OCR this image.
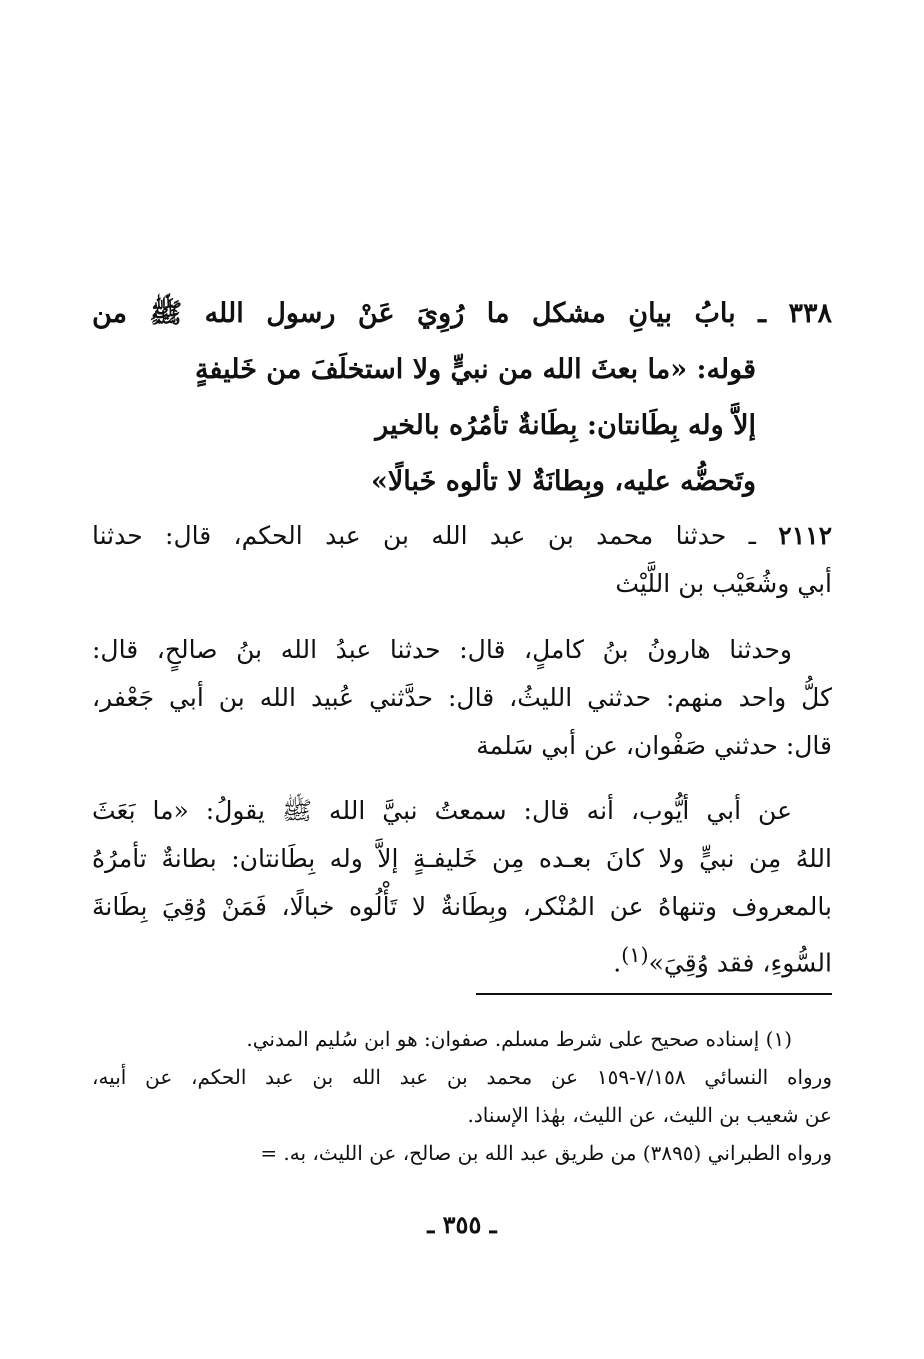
٣٣٨ ـ بابُ بيانِ مشكل ما رُوِيَ عَنْ رسول الله ﷺ من
قوله: «ما بعثَ الله من نبيٍّ ولا استخلَفَ من خَليفةٍ
إلاَّ وله بِطَانتان: بِطَانةٌ تأمُرُه بالخير
وتَحضُّه عليه، وبِطانَةٌ لا تألوه خَبالًا»
٢١١٢ ـ حدثنا محمد بن عبد الله بن عبد الحكم، قال: حدثنا
أبي وشُعَيْب بن اللَّيْث
وحدثنا هارونُ بنُ كاملٍ، قال: حدثنا عبدُ الله بنُ صالحٍ، قال:
كلُّ واحد منهم: حدثني الليثُ، قال: حدَّثني عُبيد الله بن أبي جَعْفر،
قال: حدثني صَفْوان، عن أبي سَلمة
عن أبي أيُّوب، أنه قال: سمعتُ نبيَّ الله ﷺ يقولُ: «ما بَعَثَ
اللهُ مِن نبيٍّ ولا كانَ بعـده مِن خَليفـةٍ إلاَّ وله بِطَانتان: بطانةٌ تأمرُهُ
بالمعروف وتنهاهُ عن المُنْكر، وبِطَانةٌ لا تَأْلُوه خبالًا، فَمَنْ وُقِيَ بِطَانةَ
السُّوءِ، فقد وُقِيَ»$^{(١)}$.
(١) إسناده صحيح على شرط مسلم. صفوان: هو ابن سُليم المدني.
ورواه النسائي ٧/١٥٨-١٥٩ عن محمد بن عبد الله بن عبد الحكم، عن أبيه،
عن شعيب بن الليث، عن الليث، بهٰذا الإسناد.
ورواه الطبراني (٣٨٩٥) من طريق عبد الله بن صالح، عن الليث، به. =
ـ ٣٥٥ ـ
